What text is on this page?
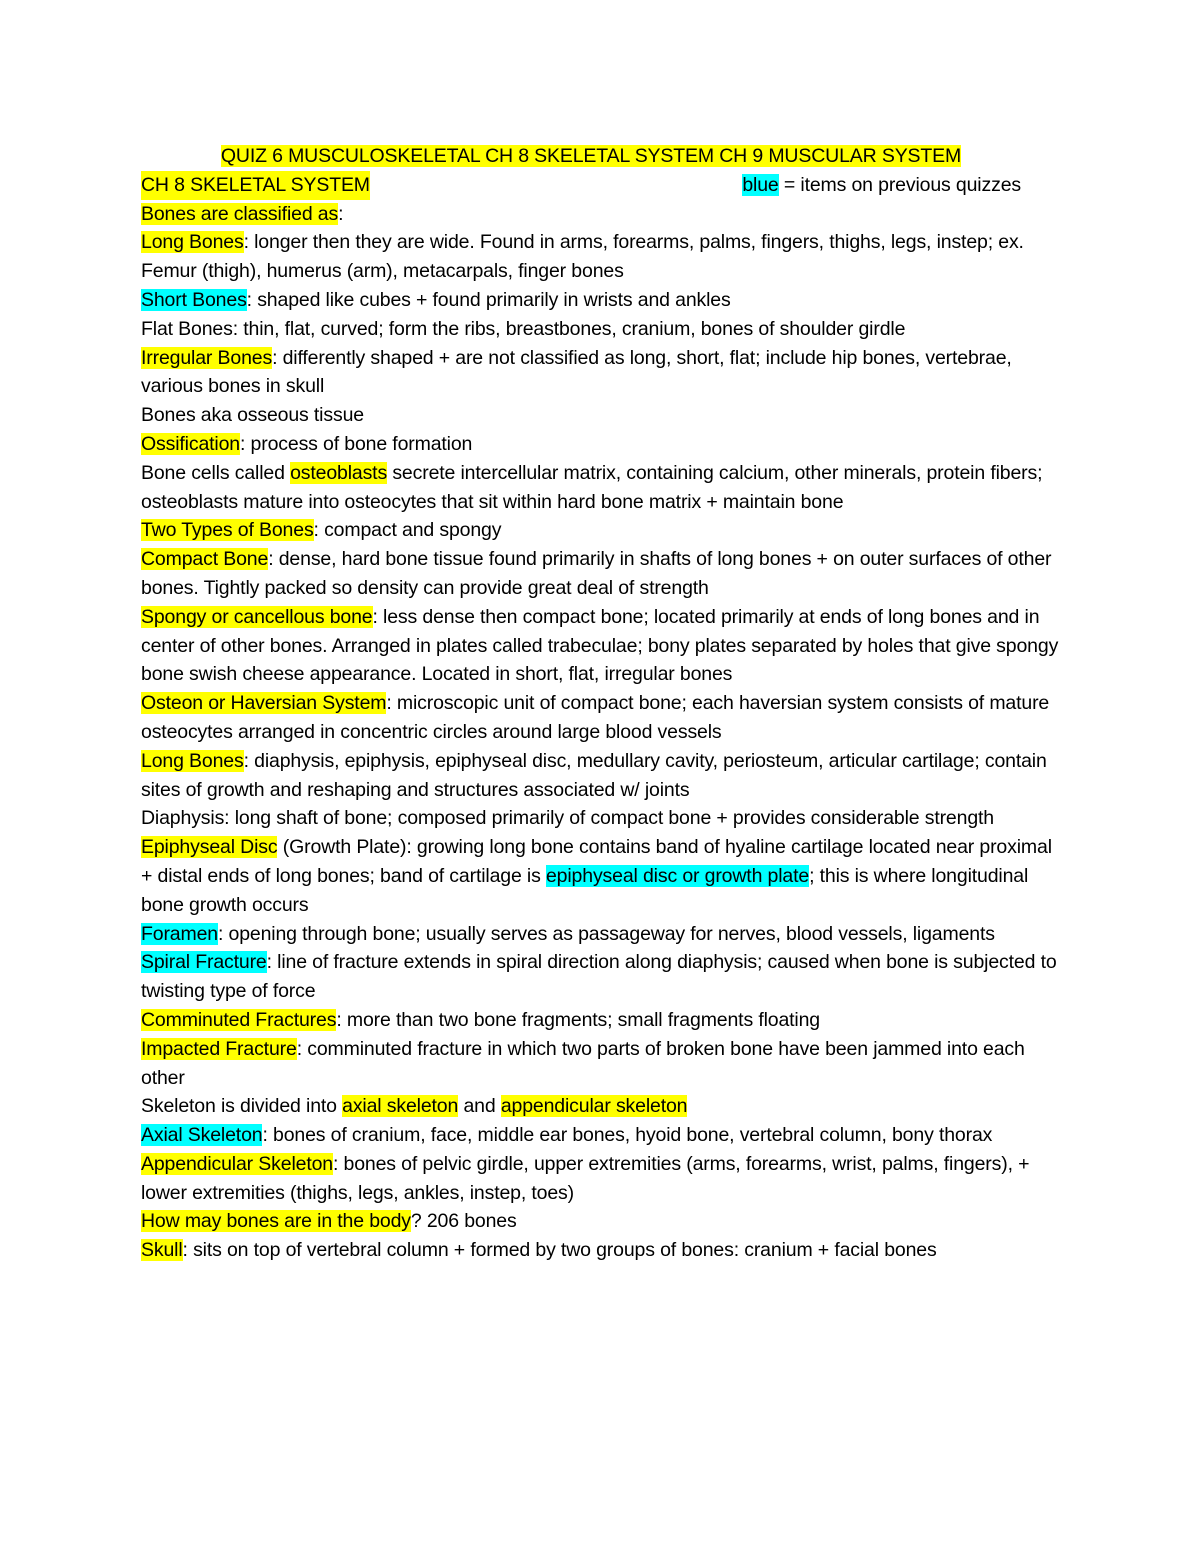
QUIZ 6 MUSCULOSKELETAL CH 8 SKELETAL SYSTEM CH 9 MUSCULAR SYSTEM

CH 8 SKELETAL SYSTEM	blue = items on previous quizzes

Bones are classified as:

Long Bones: longer then they are wide. Found in arms, forearms, palms, fingers, thighs, legs, instep; ex. Femur (thigh), humerus (arm), metacarpals, finger bones

Short Bones: shaped like cubes + found primarily in wrists and ankles

Flat Bones: thin, flat, curved; form the ribs, breastbones, cranium, bones of shoulder girdle

Irregular Bones: differently shaped + are not classified as long, short, flat; include hip bones, vertebrae, various bones in skull

Bones aka osseous tissue

Ossification: process of bone formation

Bone cells called osteoblasts secrete intercellular matrix, containing calcium, other minerals, protein fibers; osteoblasts mature into osteocytes that sit within hard bone matrix + maintain bone

Two Types of Bones: compact and spongy

Compact Bone: dense, hard bone tissue found primarily in shafts of long bones + on outer surfaces of other bones. Tightly packed so density can provide great deal of strength

Spongy or cancellous bone: less dense then compact bone; located primarily at ends of long bones and in center of other bones. Arranged in plates called trabeculae; bony plates separated by holes that give spongy bone swish cheese appearance. Located in short, flat, irregular bones

Osteon or Haversian System: microscopic unit of compact bone; each haversian system consists of mature osteocytes arranged in concentric circles around large blood vessels

Long Bones: diaphysis, epiphysis, epiphyseal disc, medullary cavity, periosteum, articular cartilage; contain sites of growth and reshaping and structures associated w/ joints

Diaphysis: long shaft of bone; composed primarily of compact bone + provides considerable strength

Epiphyseal Disc (Growth Plate): growing long bone contains band of hyaline cartilage located near proximal + distal ends of long bones; band of cartilage is epiphyseal disc or growth plate; this is where longitudinal bone growth occurs

Foramen: opening through bone; usually serves as passageway for nerves, blood vessels, ligaments

Spiral Fracture: line of fracture extends in spiral direction along diaphysis; caused when bone is subjected to twisting type of force

Comminuted Fractures: more than two bone fragments; small fragments floating

Impacted Fracture: comminuted fracture in which two parts of broken bone have been jammed into each other

Skeleton is divided into axial skeleton and appendicular skeleton

Axial Skeleton: bones of cranium, face, middle ear bones, hyoid bone, vertebral column, bony thorax

Appendicular Skeleton: bones of pelvic girdle, upper extremities (arms, forearms, wrist, palms, fingers), + lower extremities (thighs, legs, ankles, instep, toes)

How may bones are in the body? 206 bones

Skull: sits on top of vertebral column + formed by two groups of bones: cranium + facial bones
